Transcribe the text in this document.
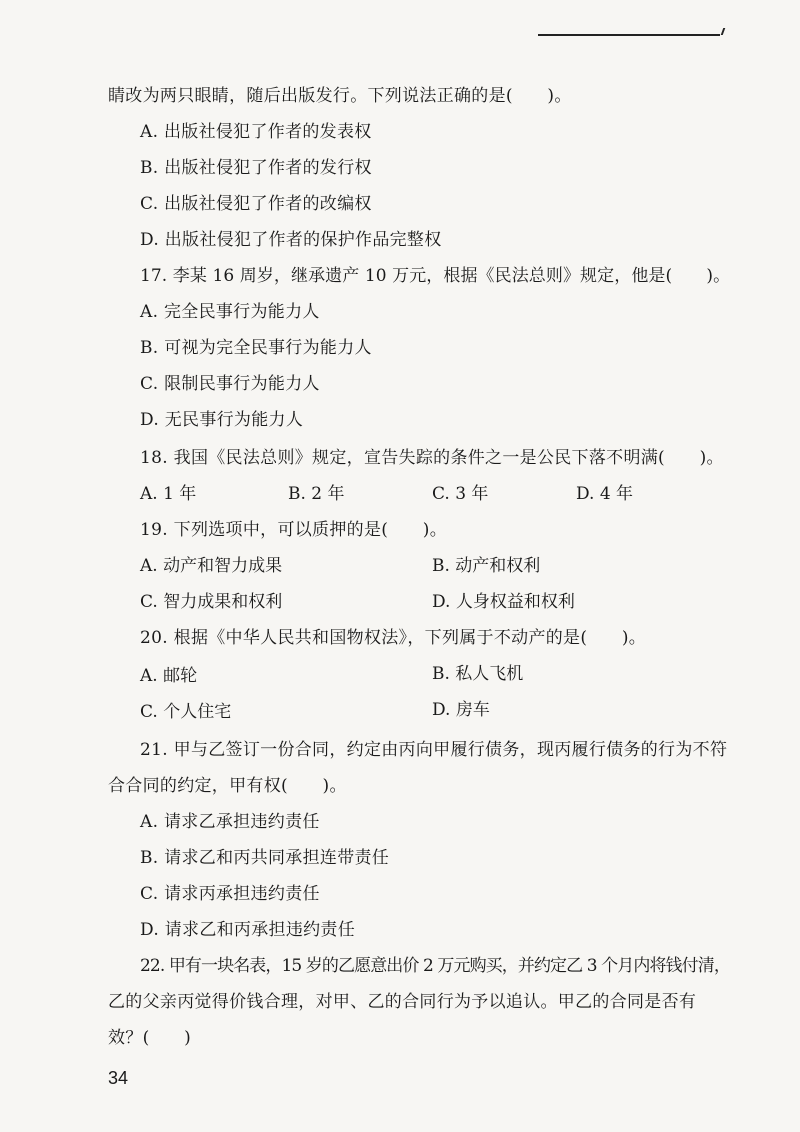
睛改为两只眼睛，随后出版发行。下列说法正确的是(　　)。
A. 出版社侵犯了作者的发表权
B. 出版社侵犯了作者的发行权
C. 出版社侵犯了作者的改编权
D. 出版社侵犯了作者的保护作品完整权
17. 李某 16 周岁，继承遗产 10 万元，根据《民法总则》规定，他是(　　)。
A. 完全民事行为能力人
B. 可视为完全民事行为能力人
C. 限制民事行为能力人
D. 无民事行为能力人
18. 我国《民法总则》规定，宣告失踪的条件之一是公民下落不明满(　　)。
A. 1 年	B. 2 年	C. 3 年	D. 4 年
19. 下列选项中，可以质押的是(　　)。
A. 动产和智力成果	B. 动产和权利
C. 智力成果和权利	D. 人身权益和权利
20. 根据《中华人民共和国物权法》，下列属于不动产的是(　　)。
A. 邮轮	B. 私人飞机
C. 个人住宅	D. 房车
21. 甲与乙签订一份合同，约定由丙向甲履行债务，现丙履行债务的行为不符
合合同的约定，甲有权(　　)。
A. 请求乙承担违约责任
B. 请求乙和丙共同承担连带责任
C. 请求丙承担违约责任
D. 请求乙和丙承担违约责任
22. 甲有一块名表，15 岁的乙愿意出价 2 万元购买，并约定乙 3 个月内将钱付清，
乙的父亲丙觉得价钱合理，对甲、乙的合同行为予以追认。甲乙的合同是否有
效？(　　)
34
